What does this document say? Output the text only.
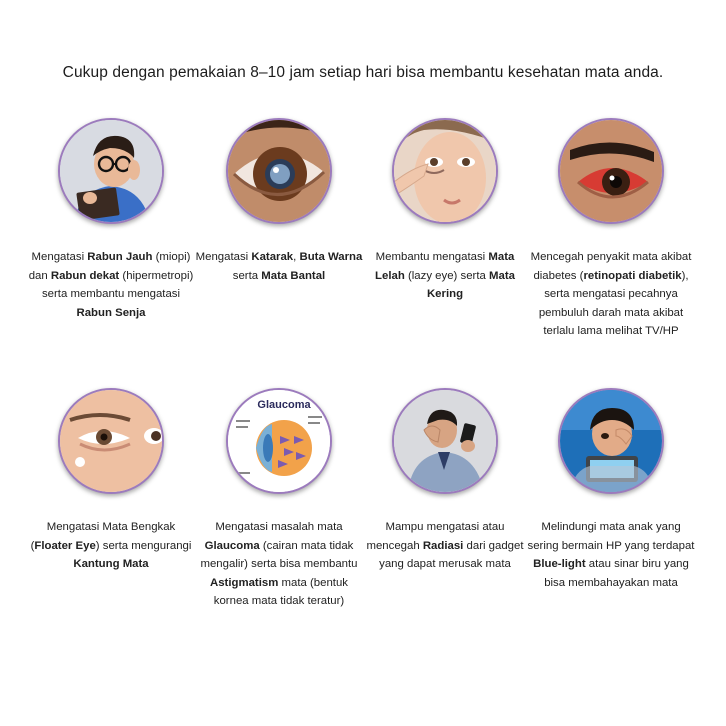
Cukup dengan pemakaian 8–10 jam setiap hari bisa membantu kesehatan mata anda.
Mengatasi Rabun Jauh (miopi) dan Rabun dekat (hipermetropi) serta membantu mengatasi Rabun Senja
Mengatasi Katarak, Buta Warna serta Mata Bantal
Membantu mengatasi Mata Lelah (lazy eye) serta Mata Kering
Mencegah penyakit mata akibat diabetes (retinopati diabetik), serta mengatasi pecahnya pembuluh darah mata akibat terlalu lama melihat TV/HP
Mengatasi Mata Bengkak (Floater Eye) serta mengurangi Kantung Mata
Glaucoma
Mengatasi masalah mata Glaucoma (cairan mata tidak mengalir) serta bisa membantu Astigmatism mata (bentuk kornea mata tidak teratur)
Mampu mengatasi atau mencegah Radiasi dari gadget yang dapat merusak mata
Melindungi mata anak yang sering bermain HP yang terdapat Blue-light atau sinar biru yang bisa membahayakan mata
